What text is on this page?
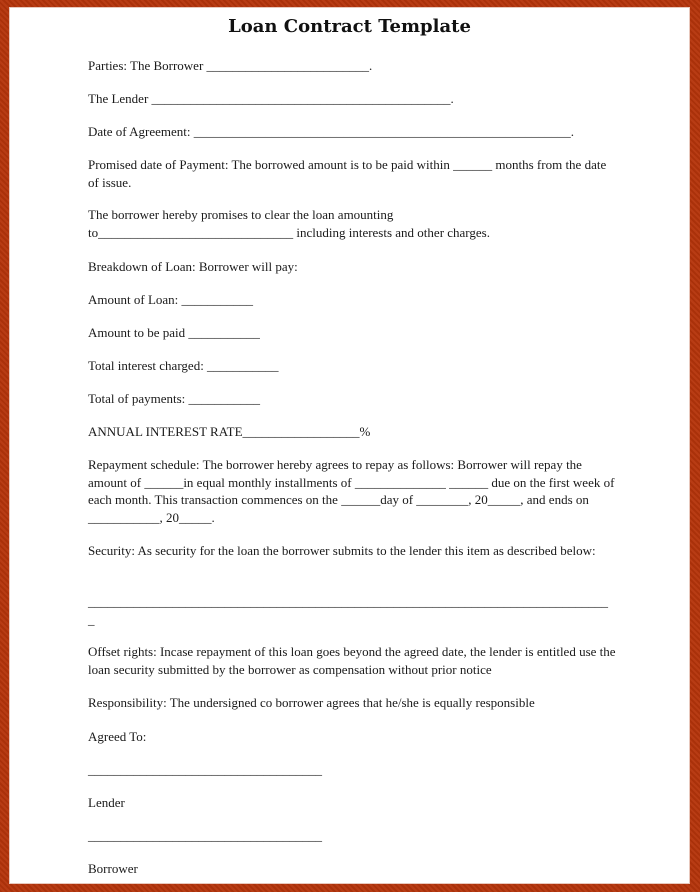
Loan Contract Template

Parties: The Borrower _________________________.

The Lender ______________________________________________.

Date of Agreement: __________________________________________________________.

Promised date of Payment: The borrowed amount is to be paid within ______ months from the date of issue.

The borrower hereby promises to clear the loan amounting to______________________________ including interests and other charges.

Breakdown of Loan: Borrower will pay:

Amount of Loan: ___________

Amount to be paid ___________

Total interest charged: ___________

Total of payments: ___________

ANNUAL INTEREST RATE__________________%

Repayment schedule: The borrower hereby agrees to repay as follows: Borrower will repay the amount of ______in equal monthly installments of ______________ ______ due on the first week of each month. This transaction commences on the ______day of ________, 20_____, and ends on ___________, 20_____.

Security: As security for the loan the borrower submits to the lender this item as described below:

________________________________________________________________________________
_

Offset rights: Incase repayment of this loan goes beyond the agreed date, the lender is entitled use the loan security submitted by the borrower as compensation without prior notice

Responsibility: The undersigned co borrower agrees that he/she is equally responsible

Agreed To:

____________________________________

Lender

____________________________________

Borrower
